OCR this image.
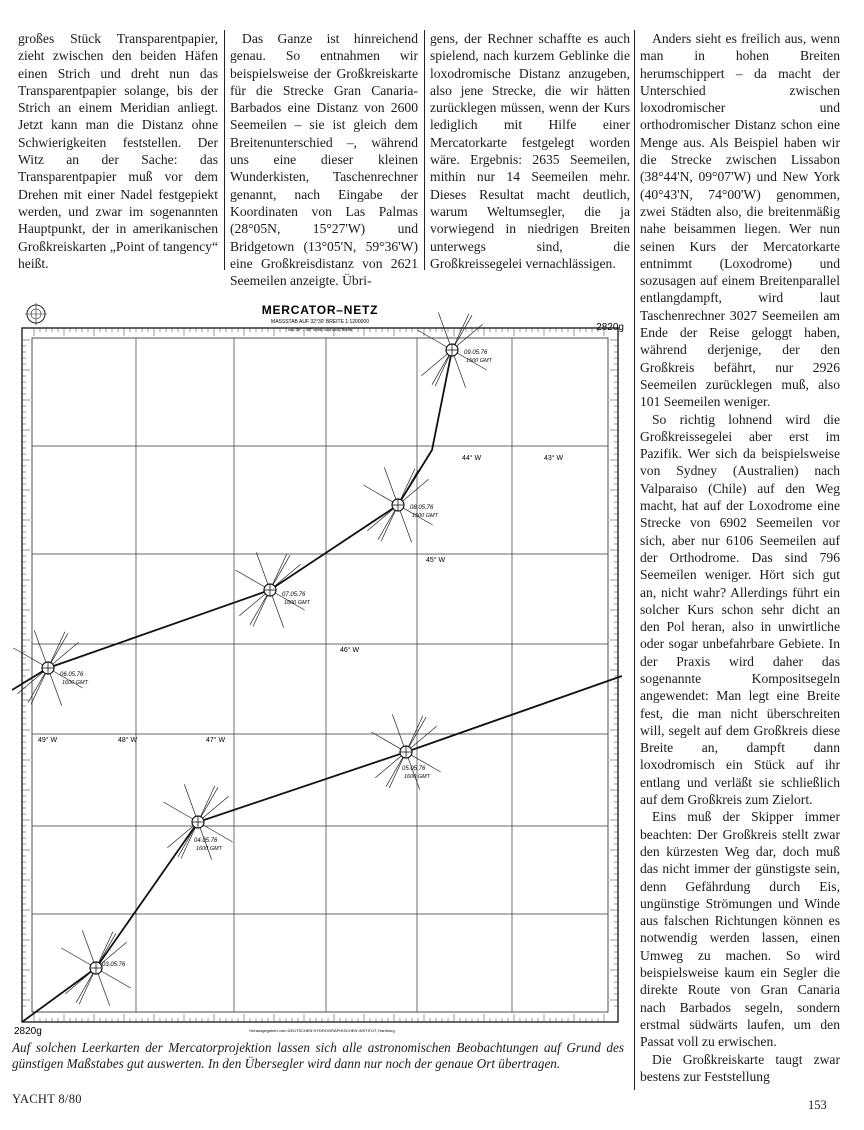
großes Stück Transparentpapier, zieht zwischen den beiden Häfen einen Strich und dreht nun das Transparentpapier solange, bis der Strich an einem Meridian anliegt. Jetzt kann man die Distanz ohne Schwierigkeiten feststellen. Der Witz an der Sache: das Transparentpapier muß vor dem Drehen mit einer Nadel festgepiekt werden, und zwar im sogenannten Hauptpunkt, der in amerikanischen Großkreiskarten „Point of tangency“ heißt.

Das Ganze ist hinreichend genau. So entnahmen wir beispielsweise der Großkreiskarte für die Strecke Gran Canaria-Barbados eine Distanz von 2600 Seemeilen – sie ist gleich dem Breitenunterschied –, während uns eine dieser kleinen Wunderkisten, Taschenrechner genannt, nach Eingabe der Koordinaten von Las Palmas (28°05N, 15°27'W) und Bridgetown (13°05'N, 59°36'W) eine Großkreisdistanz von 2621 Seemeilen anzeigte. Übri-

gens, der Rechner schaffte es auch spielend, nach kurzem Geblinke die loxodromische Distanz anzugeben, also jene Strecke, die wir hätten zurücklegen müssen, wenn der Kurs lediglich mit Hilfe einer Mercatorkarte festgelegt worden wäre. Ergebnis: 2635 Seemeilen, mithin nur 14 Seemeilen mehr. Dieses Resultat macht deutlich, warum Weltumsegler, die ja vorwiegend in niedrigen Breiten unterwegs sind, die Großkreissegelei vernachlässigen.

Anders sieht es freilich aus, wenn man in hohen Breiten herumschippert – da macht der Unterschied zwischen loxodromischer und orthodromischer Distanz schon eine Menge aus. Als Beispiel haben wir die Strecke zwischen Lissabon (38°44'N, 09°07'W) und New York (40°43'N, 74°00'W) genommen, zwei Städten also, die breitenmäßig nahe beisammen liegen. Wer nun seinen Kurs der Mercatorkarte entnimmt (Loxodrome) und sozusagen auf einem Breitenparallel entlangdampft, wird laut Taschenrechner 3027 Seemeilen am Ende der Reise geloggt haben, während derjenige, der den Großkreis befährt, nur 2926 Seemeilen zurücklegen muß, also 101 Seemeilen weniger.

So richtig lohnend wird die Großkreissegelei aber erst im Pazifik. Wer sich da beispielsweise von Sydney (Australien) nach Valparaiso (Chile) auf den Weg macht, hat auf der Loxodrome eine Strecke von 6902 Seemeilen vor sich, aber nur 6106 Seemeilen auf der Orthodrome. Das sind 796 Seemeilen weniger. Hört sich gut an, nicht wahr? Allerdings führt ein solcher Kurs schon sehr dicht an den Pol heran, also in unwirtliche oder sogar unbefahrbare Gebiete. In der Praxis wird daher das sogenannte Kompositsegeln angewendet: Man legt eine Breite fest, die man nicht überschreiten will, segelt auf dem Großkreis diese Breite an, dampft dann loxodromisch ein Stück auf ihr entlang und verläßt sie schließlich auf dem Großkreis zum Zielort.

Eins muß der Skipper immer beachten: Der Großkreis stellt zwar den kürzesten Weg dar, doch muß das nicht immer der günstigste sein, denn Gefährdung durch Eis, ungünstige Strömungen und Winde aus falschen Richtungen können es notwendig werden lassen, einen Umweg zu machen. So wird beispielsweise kaum ein Segler die direkte Route von Gran Canaria nach Barbados segeln, sondern erstmal südwärts laufen, um den Passat voll zu erwischen.

Die Großkreiskarte taugt zwar bestens zur Feststellung

MERCATOR–NETZ
MASSSTAB AUF 32°30' BREITE 1:1200000
von 29° – 36° nördl. und südl. Breite	2820g
2820g	Herausgegeben vom DEUTSCHEN HYDROGRAPHISCHEN INSTITUT, Hamburg
49° W	48° W	47° W
46° W
45° W
44° W	43° W
09.05.76
1500 GMT
08.05.76
1500 GMT
07.05.76
1600 GMT
06.05.76
1600 GMT
05.05.76
1600 GMT
04.05.76
1600 GMT
03.05.76
Auf solchen Leerkarten der Mercatorprojektion lassen sich alle astronomischen Beobachtungen auf Grund des günstigen Maßstabes gut auswerten. In den Übersegler wird dann nur noch der genaue Ort übertragen.
YACHT 8/80	153
